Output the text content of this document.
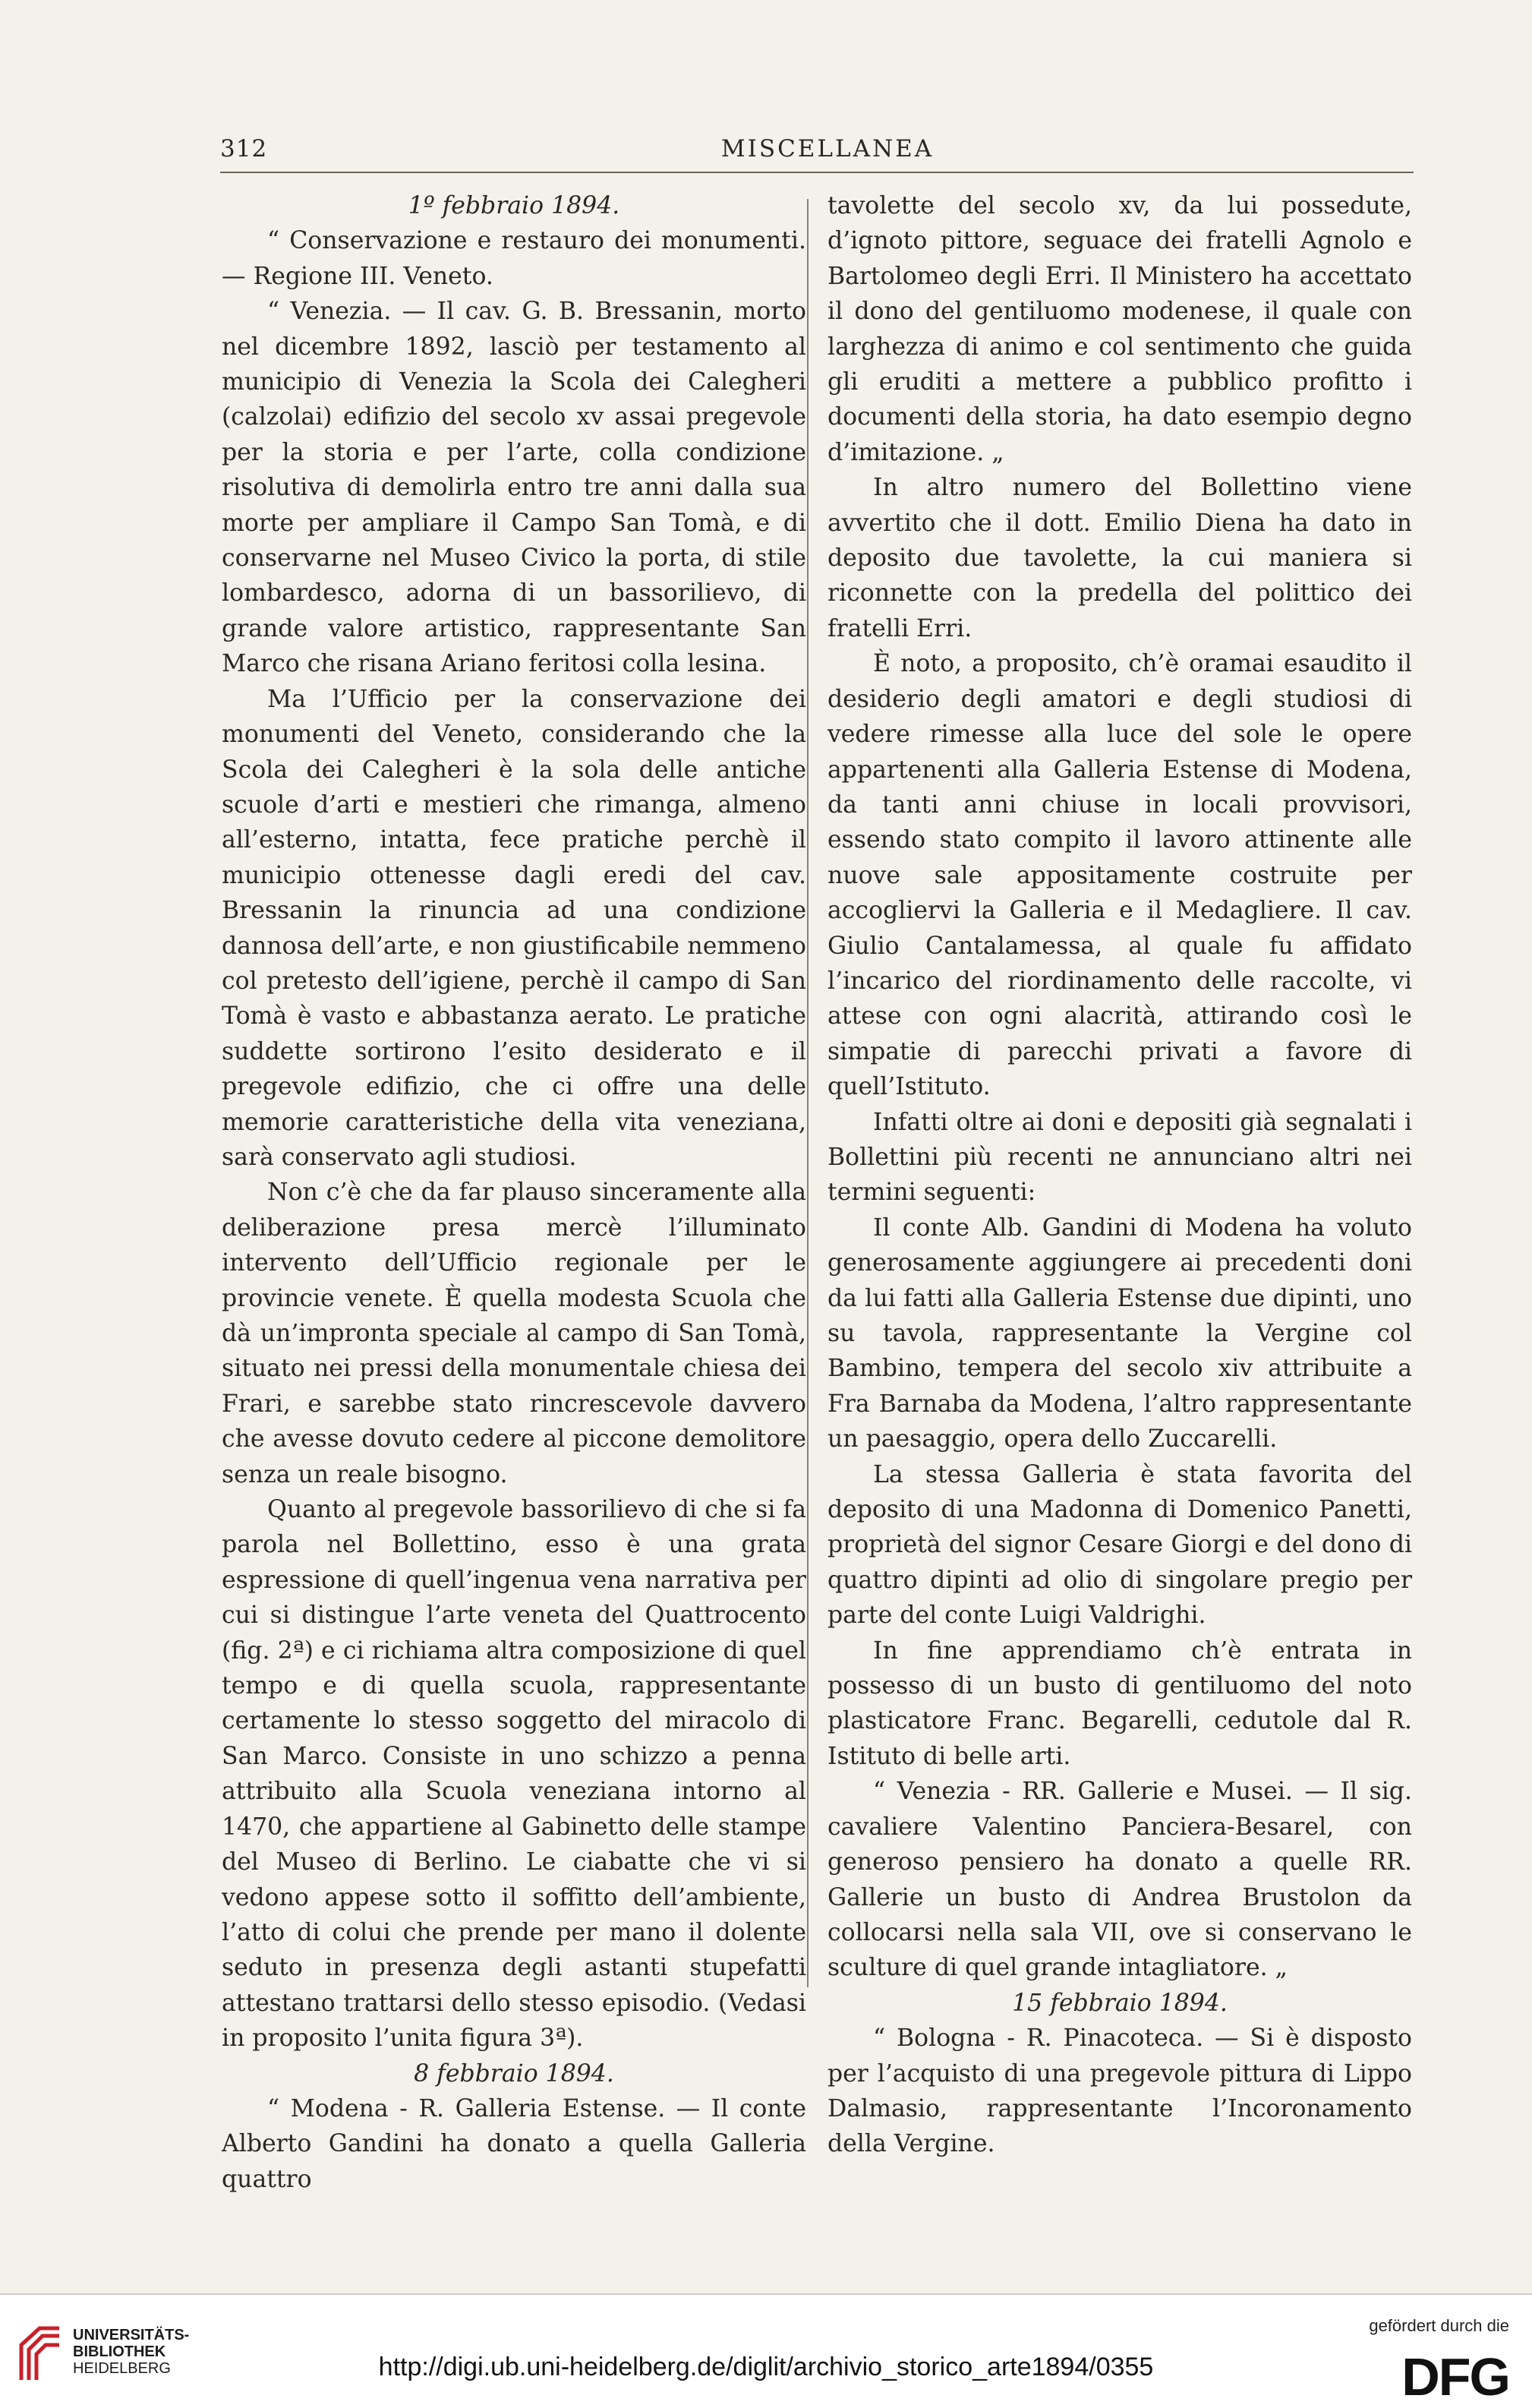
312	MISCELLANEA

1º febbraio 1894.

“ Conservazione e restauro dei monumenti. — Regione III. Veneto.

“ Venezia. — Il cav. G. B. Bressanin, morto nel dicembre 1892, lasciò per testamento al municipio di Venezia la Scola dei Calegheri (calzolai) edifizio del secolo xv assai pregevole per la storia e per l’arte, colla condizione risolutiva di demolirla entro tre anni dalla sua morte per ampliare il Campo San Tomà, e di conservarne nel Museo Civico la porta, di stile lombardesco, adorna di un bassorilievo, di grande valore artistico, rappresentante San Marco che risana Ariano feritosi colla lesina.

Ma l’Ufficio per la conservazione dei monumenti del Veneto, considerando che la Scola dei Calegheri è la sola delle antiche scuole d’arti e mestieri che rimanga, almeno all’esterno, intatta, fece pratiche perchè il municipio ottenesse dagli eredi del cav. Bressanin la rinuncia ad una condizione dannosa dell’arte, e non giustificabile nemmeno col pretesto dell’igiene, perchè il campo di San Tomà è vasto e abbastanza aerato. Le pratiche suddette sortirono l’esito desiderato e il pregevole edifizio, che ci offre una delle memorie caratteristiche della vita veneziana, sarà conservato agli studiosi.

Non c’è che da far plauso sinceramente alla deliberazione presa mercè l’illuminato intervento dell’Ufficio regionale per le provincie venete. È quella modesta Scuola che dà un’impronta speciale al campo di San Tomà, situato nei pressi della monumentale chiesa dei Frari, e sarebbe stato rincrescevole davvero che avesse dovuto cedere al piccone demolitore senza un reale bisogno.

Quanto al pregevole bassorilievo di che si fa parola nel Bollettino, esso è una grata espressione di quell’ingenua vena narrativa per cui si distingue l’arte veneta del Quattrocento (fig. 2ª) e ci richiama altra composizione di quel tempo e di quella scuola, rappresentante certamente lo stesso soggetto del miracolo di San Marco. Consiste in uno schizzo a penna attribuito alla Scuola veneziana intorno al 1470, che appartiene al Gabinetto delle stampe del Museo di Berlino. Le ciabatte che vi si vedono appese sotto il soffitto dell’ambiente, l’atto di colui che prende per mano il dolente seduto in presenza degli astanti stupefatti attestano trattarsi dello stesso episodio. (Vedasi in proposito l’unita figura 3ª).

8 febbraio 1894.

“ Modena - R. Galleria Estense. — Il conte Alberto Gandini ha donato a quella Galleria quattro

tavolette del secolo xv, da lui possedute, d’ignoto pittore, seguace dei fratelli Agnolo e Bartolomeo degli Erri. Il Ministero ha accettato il dono del gentiluomo modenese, il quale con larghezza di animo e col sentimento che guida gli eruditi a mettere a pubblico profitto i documenti della storia, ha dato esempio degno d’imitazione. „

In altro numero del Bollettino viene avvertito che il dott. Emilio Diena ha dato in deposito due tavolette, la cui maniera si riconnette con la predella del polittico dei fratelli Erri.

È noto, a proposito, ch’è oramai esaudito il desiderio degli amatori e degli studiosi di vedere rimesse alla luce del sole le opere appartenenti alla Galleria Estense di Modena, da tanti anni chiuse in locali provvisori, essendo stato compito il lavoro attinente alle nuove sale appositamente costruite per accogliervi la Galleria e il Medagliere. Il cav. Giulio Cantalamessa, al quale fu affidato l’incarico del riordinamento delle raccolte, vi attese con ogni alacrità, attirando così le simpatie di parecchi privati a favore di quell’Istituto.

Infatti oltre ai doni e depositi già segnalati i Bollettini più recenti ne annunciano altri nei termini seguenti:

Il conte Alb. Gandini di Modena ha voluto generosamente aggiungere ai precedenti doni da lui fatti alla Galleria Estense due dipinti, uno su tavola, rappresentante la Vergine col Bambino, tempera del secolo xiv attribuite a Fra Barnaba da Modena, l’altro rappresentante un paesaggio, opera dello Zuccarelli.

La stessa Galleria è stata favorita del deposito di una Madonna di Domenico Panetti, proprietà del signor Cesare Giorgi e del dono di quattro dipinti ad olio di singolare pregio per parte del conte Luigi Valdrighi.

In fine apprendiamo ch’è entrata in possesso di un busto di gentiluomo del noto plasticatore Franc. Begarelli, cedutole dal R. Istituto di belle arti.

“ Venezia - RR. Gallerie e Musei. — Il sig. cavaliere Valentino Panciera-Besarel, con generoso pensiero ha donato a quelle RR. Gallerie un busto di Andrea Brustolon da collocarsi nella sala VII, ove si conservano le sculture di quel grande intagliatore. „

15 febbraio 1894.

“ Bologna - R. Pinacoteca. — Si è disposto per l’acquisto di una pregevole pittura di Lippo Dalmasio, rappresentante l’Incoronamento della Vergine.

UNIVERSITÄTS-
BIBLIOTHEK
HEIDELBERG	http://digi.ub.uni-heidelberg.de/diglit/archivio_storico_arte1894/0355
gefördert durch die
DFG
